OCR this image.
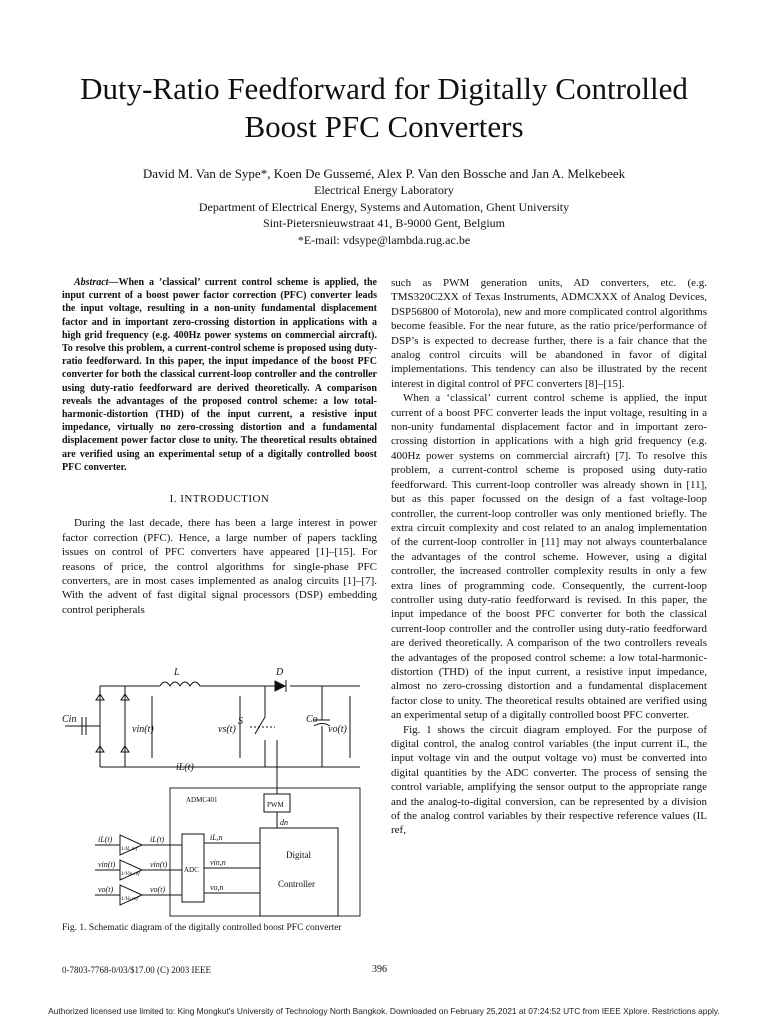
Duty-Ratio Feedforward for Digitally Controlled
Boost PFC Converters
David M. Van de Sype*, Koen De Gussemé, Alex P. Van den Bossche and Jan A. Melkebeek
Electrical Energy Laboratory
Department of Electrical Energy, Systems and Automation, Ghent University
Sint-Pietersnieuwstraat 41, B-9000 Gent, Belgium
*E-mail: vdsype@lambda.rug.ac.be

Abstract—When a ’classical’ current control scheme is applied, the input current of a boost power factor correction (PFC) converter leads the input voltage, resulting in a non-unity fundamental displacement factor and in important zero-crossing distortion in applications with a high grid frequency (e.g. 400Hz power systems on commercial aircraft). To resolve this problem, a current-control scheme is proposed using duty-ratio feedforward. In this paper, the input impedance of the boost PFC converter for both the classical current-loop controller and the controller using duty-ratio feedforward are derived theoretically. A comparison reveals the advantages of the proposed control scheme: a low total-harmonic-distortion (THD) of the input current, a resistive input impedance, virtually no zero-crossing distortion and a fundamental displacement power factor close to unity. The theoretical results obtained are verified using an experimental setup of a digitally controlled boost PFC converter.

I. INTRODUCTION

During the last decade, there has been a large interest in power factor correction (PFC). Hence, a large number of papers tackling issues on control of PFC converters have appeared [1]–[15]. For reasons of price, the control algorithms for single-phase PFC converters, are in most cases implemented as analog circuits [1]–[7]. With the advent of fast digital signal processors (DSP) embedding control peripherals

L	D
Cin
vin(t)	vs(t)
S	Co
vo(t)
iL(t)
ADMC401
PWM
dn
ADC
Digital
Controller
iL,n
vin,n
vo,n
iL(t)
vin(t)
vo(t)
1/IL ref
1/Vin ref
1/Vo ref
iL(t)
vin(t)
vo(t)
Fig. 1. Schematic diagram of the digitally controlled boost PFC converter

such as PWM generation units, AD converters, etc. (e.g. TMS320C2XX of Texas Instruments, ADMCXXX of Analog Devices, DSP56800 of Motorola), new and more complicated control algorithms become feasible. For the near future, as the ratio price/performance of DSP’s is expected to decrease further, there is a fair chance that the analog control circuits will be abandoned in favor of digital implementations. This tendency can also be illustrated by the recent interest in digital control of PFC converters [8]–[15].

When a ‘classical’ current control scheme is applied, the input current of a boost PFC converter leads the input voltage, resulting in a non-unity fundamental displacement factor and in important zero-crossing distortion in applications with a high grid frequency (e.g. 400Hz power systems on commercial aircraft) [7]. To resolve this problem, a current-control scheme is proposed using duty-ratio feedforward. This current-loop controller was already shown in [11], but as this paper focussed on the design of a fast voltage-loop controller, the current-loop controller was only mentioned briefly. The extra circuit complexity and cost related to an analog implementation of the current-loop controller in [11] may not always counterbalance the advantages of the control scheme. However, using a digital controller, the increased controller complexity results in only a few extra lines of programming code. Consequently, the current-loop controller using duty-ratio feedforward is revised. In this paper, the input impedance of the boost PFC converter for both the classical current-loop controller and the controller using duty-ratio feedforward are derived theoretically. A comparison of the two controllers reveals the advantages of the proposed control scheme: a low total-harmonic-distortion (THD) of the input current, a resistive input impedance, almost no zero-crossing distortion and a fundamental displacement factor close to unity. The theoretical results obtained are verified using an experimental setup of a digitally controlled boost PFC converter.

Fig. 1 shows the circuit diagram employed. For the purpose of digital control, the analog control variables (the input current iL, the input voltage vin and the output voltage vo) must be converted into digital quantities by the ADC converter. The process of sensing the control variable, amplifying the sensor output to the appropriate range and the analog-to-digital conversion, can be represented by a division of the analog control variables by their respective reference values (IL ref,

0-7803-7768-0/03/$17.00 (C) 2003 IEEE	396
Authorized licensed use limited to: King Mongkut's University of Technology North Bangkok. Downloaded on February 25,2021 at 07:24:52 UTC from IEEE Xplore. Restrictions apply.
